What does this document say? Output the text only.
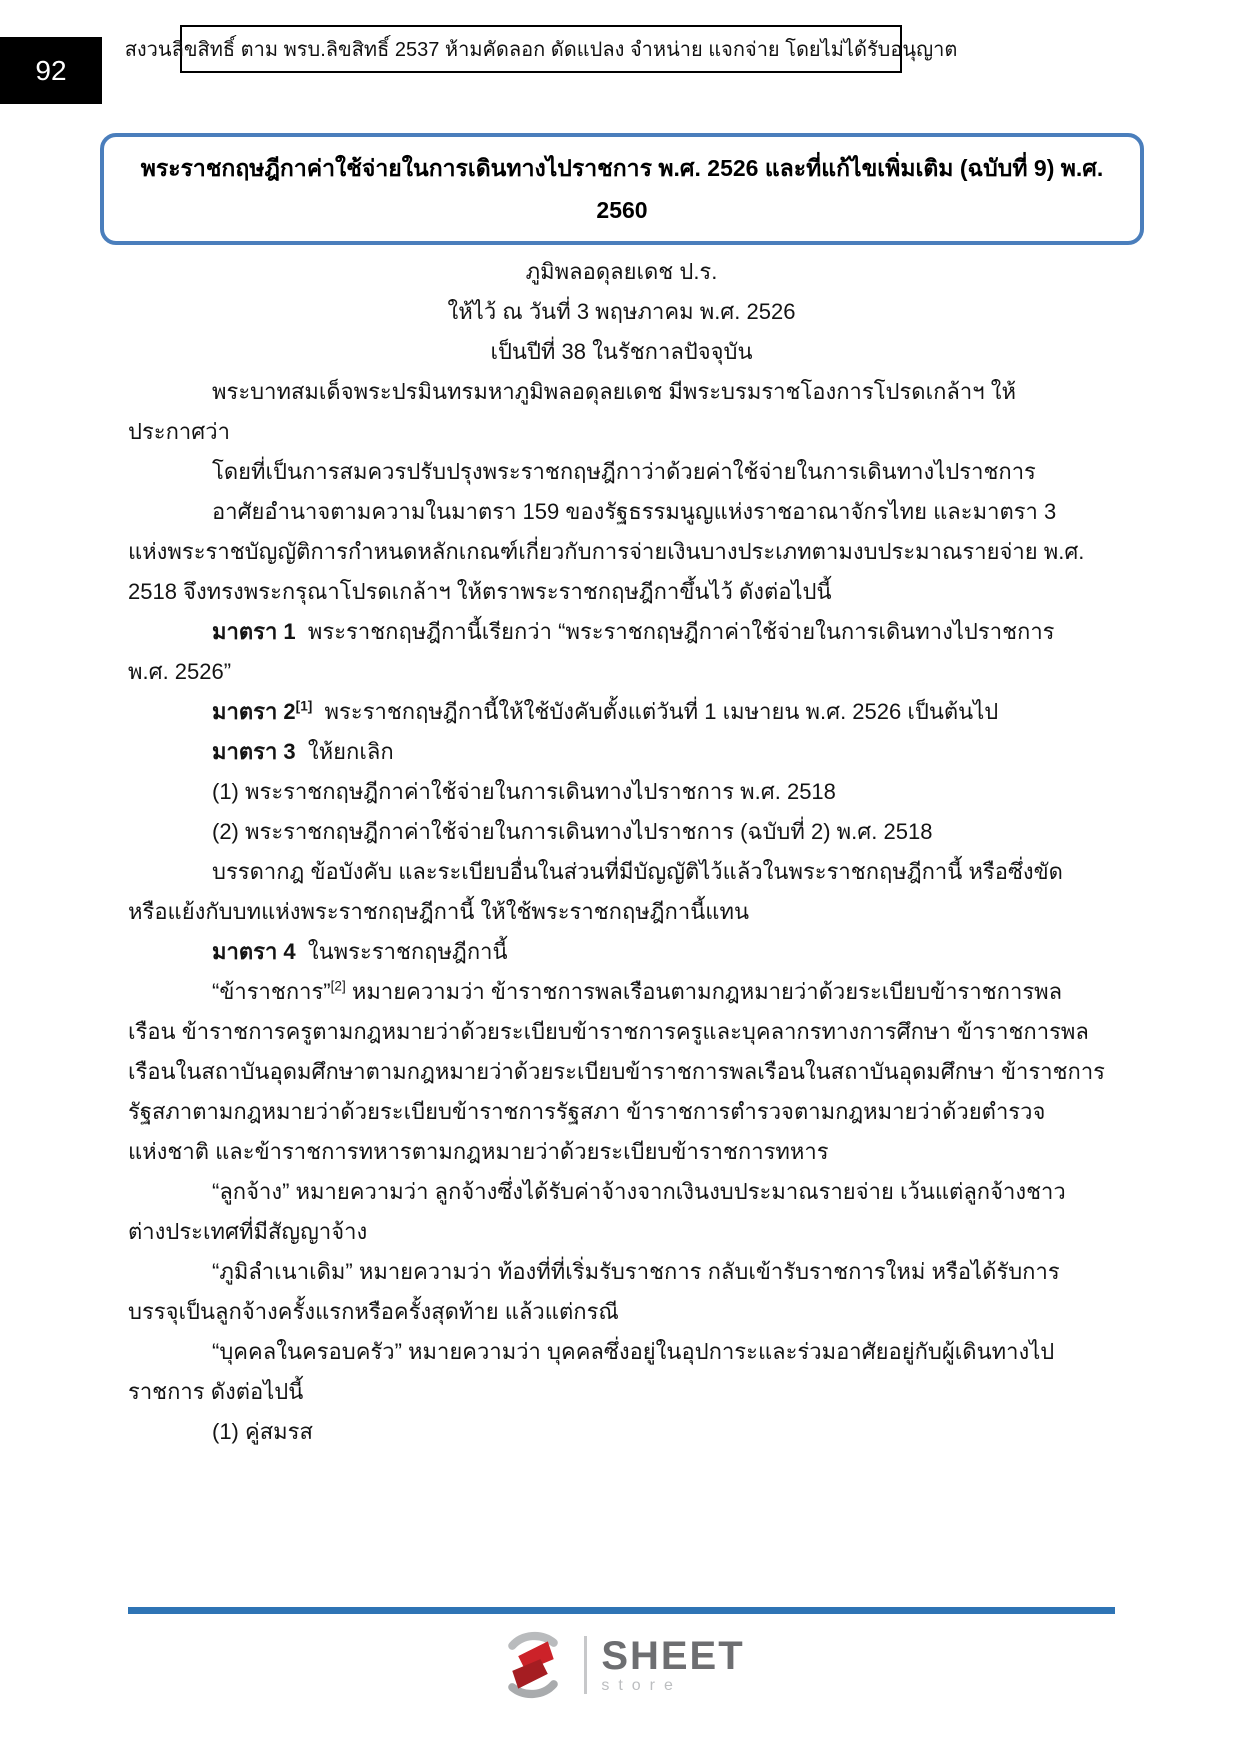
92
สงวนลิขสิทธิ์ ตาม พรบ.ลิขสิทธิ์ 2537 ห้ามคัดลอก ดัดแปลง จำหน่าย แจกจ่าย โดยไม่ได้รับอนุญาต
พระราชกฤษฎีกาค่าใช้จ่ายในการเดินทางไปราชการ พ.ศ. 2526 และที่แก้ไขเพิ่มเติม (ฉบับที่ 9) พ.ศ. 2560
ภูมิพลอดุลยเดช ป.ร.
ให้ไว้ ณ วันที่ 3 พฤษภาคม พ.ศ. 2526
เป็นปีที่ 38 ในรัชกาลปัจจุบัน
พระบาทสมเด็จพระปรมินทรมหาภูมิพลอดุลยเดช มีพระบรมราชโองการโปรดเกล้าฯ ให้
ประกาศว่า
โดยที่เป็นการสมควรปรับปรุงพระราชกฤษฎีกาว่าด้วยค่าใช้จ่ายในการเดินทางไปราชการ
อาศัยอำนาจตามความในมาตรา 159 ของรัฐธรรมนูญแห่งราชอาณาจักรไทย และมาตรา 3
แห่งพระราชบัญญัติการกำหนดหลักเกณฑ์เกี่ยวกับการจ่ายเงินบางประเภทตามงบประมาณรายจ่าย พ.ศ.
2518 จึงทรงพระกรุณาโปรดเกล้าฯ ให้ตราพระราชกฤษฎีกาขึ้นไว้ ดังต่อไปนี้
มาตรา 1  พระราชกฤษฎีกานี้เรียกว่า “พระราชกฤษฎีกาค่าใช้จ่ายในการเดินทางไปราชการ
พ.ศ. 2526”
มาตรา 2[1]  พระราชกฤษฎีกานี้ให้ใช้บังคับตั้งแต่วันที่ 1 เมษายน พ.ศ. 2526 เป็นต้นไป
มาตรา 3  ให้ยกเลิก
(1) พระราชกฤษฎีกาค่าใช้จ่ายในการเดินทางไปราชการ พ.ศ. 2518
(2) พระราชกฤษฎีกาค่าใช้จ่ายในการเดินทางไปราชการ (ฉบับที่ 2) พ.ศ. 2518
บรรดากฎ ข้อบังคับ และระเบียบอื่นในส่วนที่มีบัญญัติไว้แล้วในพระราชกฤษฎีกานี้ หรือซึ่งขัด
หรือแย้งกับบทแห่งพระราชกฤษฎีกานี้ ให้ใช้พระราชกฤษฎีกานี้แทน
มาตรา 4  ในพระราชกฤษฎีกานี้
“ข้าราชการ”[2] หมายความว่า ข้าราชการพลเรือนตามกฎหมายว่าด้วยระเบียบข้าราชการพล
เรือน ข้าราชการครูตามกฎหมายว่าด้วยระเบียบข้าราชการครูและบุคลากรทางการศึกษา ข้าราชการพล
เรือนในสถาบันอุดมศึกษาตามกฎหมายว่าด้วยระเบียบข้าราชการพลเรือนในสถาบันอุดมศึกษา ข้าราชการ
รัฐสภาตามกฎหมายว่าด้วยระเบียบข้าราชการรัฐสภา ข้าราชการตำรวจตามกฎหมายว่าด้วยตำรวจ
แห่งชาติ และข้าราชการทหารตามกฎหมายว่าด้วยระเบียบข้าราชการทหาร
“ลูกจ้าง” หมายความว่า ลูกจ้างซึ่งได้รับค่าจ้างจากเงินงบประมาณรายจ่าย เว้นแต่ลูกจ้างชาว
ต่างประเทศที่มีสัญญาจ้าง
“ภูมิลำเนาเดิม” หมายความว่า ท้องที่ที่เริ่มรับราชการ กลับเข้ารับราชการใหม่ หรือได้รับการ
บรรจุเป็นลูกจ้างครั้งแรกหรือครั้งสุดท้าย แล้วแต่กรณี
“บุคคลในครอบครัว” หมายความว่า บุคคลซึ่งอยู่ในอุปการะและร่วมอาศัยอยู่กับผู้เดินทางไป
ราชการ ดังต่อไปนี้
(1) คู่สมรส
SHEET
store
